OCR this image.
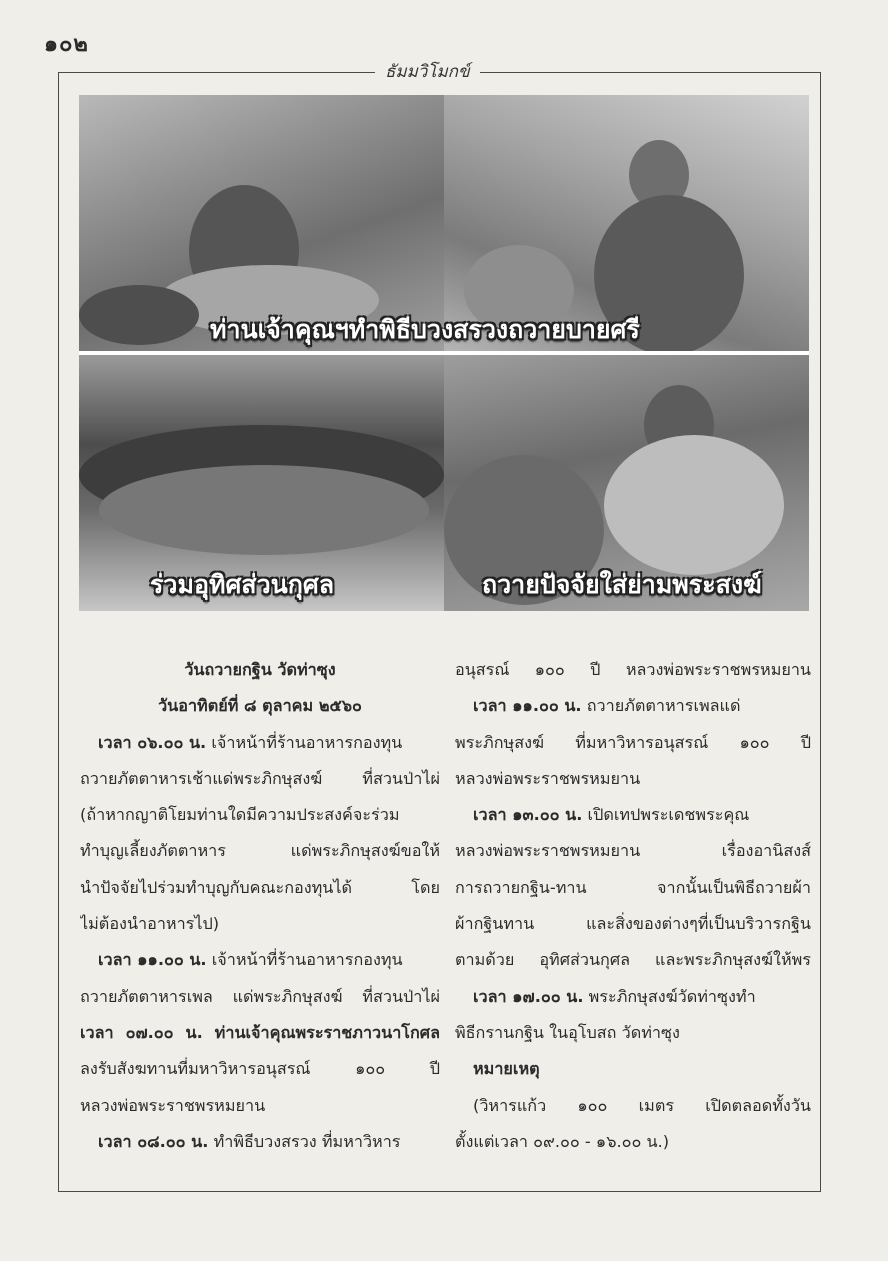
๑๐๒
ธัมมวิโมกข์
ท่านเจ้าคุณฯทำพิธีบวงสรวงถวายบายศรี
ร่วมอุทิศส่วนกุศล	ถวายปัจจัยใส่ย่ามพระสงฆ์
วันถวายกฐิน วัดท่าซุง
วันอาทิตย์ที่ ๘ ตุลาคม ๒๕๖๐
เวลา ๐๖.๐๐ น. เจ้าหน้าที่ร้านอาหารกองทุน
ถวายภัตตาหารเช้าแด่พระภิกษุสงฆ์ ที่สวนป่าไผ่
(ถ้าหากญาติโยมท่านใดมีความประสงค์จะร่วม
ทำบุญเลี้ยงภัตตาหาร แด่พระภิกษุสงฆ์ขอให้
นำปัจจัยไปร่วมทำบุญกับคณะกองทุนได้ โดย
ไม่ต้องนำอาหารไป)
เวลา ๑๑.๐๐ น. เจ้าหน้าที่ร้านอาหารกองทุน
ถวายภัตตาหารเพล แด่พระภิกษุสงฆ์ ที่สวนป่าไผ่
เวลา ๐๗.๐๐ น. ท่านเจ้าคุณพระราชภาวนาโกศล
ลงรับสังฆทานที่มหาวิหารอนุสรณ์ ๑๐๐ ปี
หลวงพ่อพระราชพรหมยาน
เวลา ๐๘.๐๐ น. ทำพิธีบวงสรวง ที่มหาวิหาร
อนุสรณ์ ๑๐๐ ปี หลวงพ่อพระราชพรหมยาน
เวลา ๑๑.๐๐ น. ถวายภัตตาหารเพลแด่
พระภิกษุสงฆ์ ที่มหาวิหารอนุสรณ์ ๑๐๐ ปี
หลวงพ่อพระราชพรหมยาน
เวลา ๑๓.๐๐ น. เปิดเทปพระเดชพระคุณ
หลวงพ่อพระราชพรหมยาน เรื่องอานิสงส์
การถวายกฐิน-ทาน จากนั้นเป็นพิธีถวายผ้า
ผ้ากฐินทาน และสิ่งของต่างๆที่เป็นบริวารกฐิน
ตามด้วย อุทิศส่วนกุศล และพระภิกษุสงฆ์ให้พร
เวลา ๑๗.๐๐ น. พระภิกษุสงฆ์วัดท่าซุงทำ
พิธีกรานกฐิน ในอุโบสถ วัดท่าซุง
หมายเหตุ
(วิหารแก้ว ๑๐๐ เมตร เปิดตลอดทั้งวัน
ตั้งแต่เวลา ๐๙.๐๐ - ๑๖.๐๐ น.)
